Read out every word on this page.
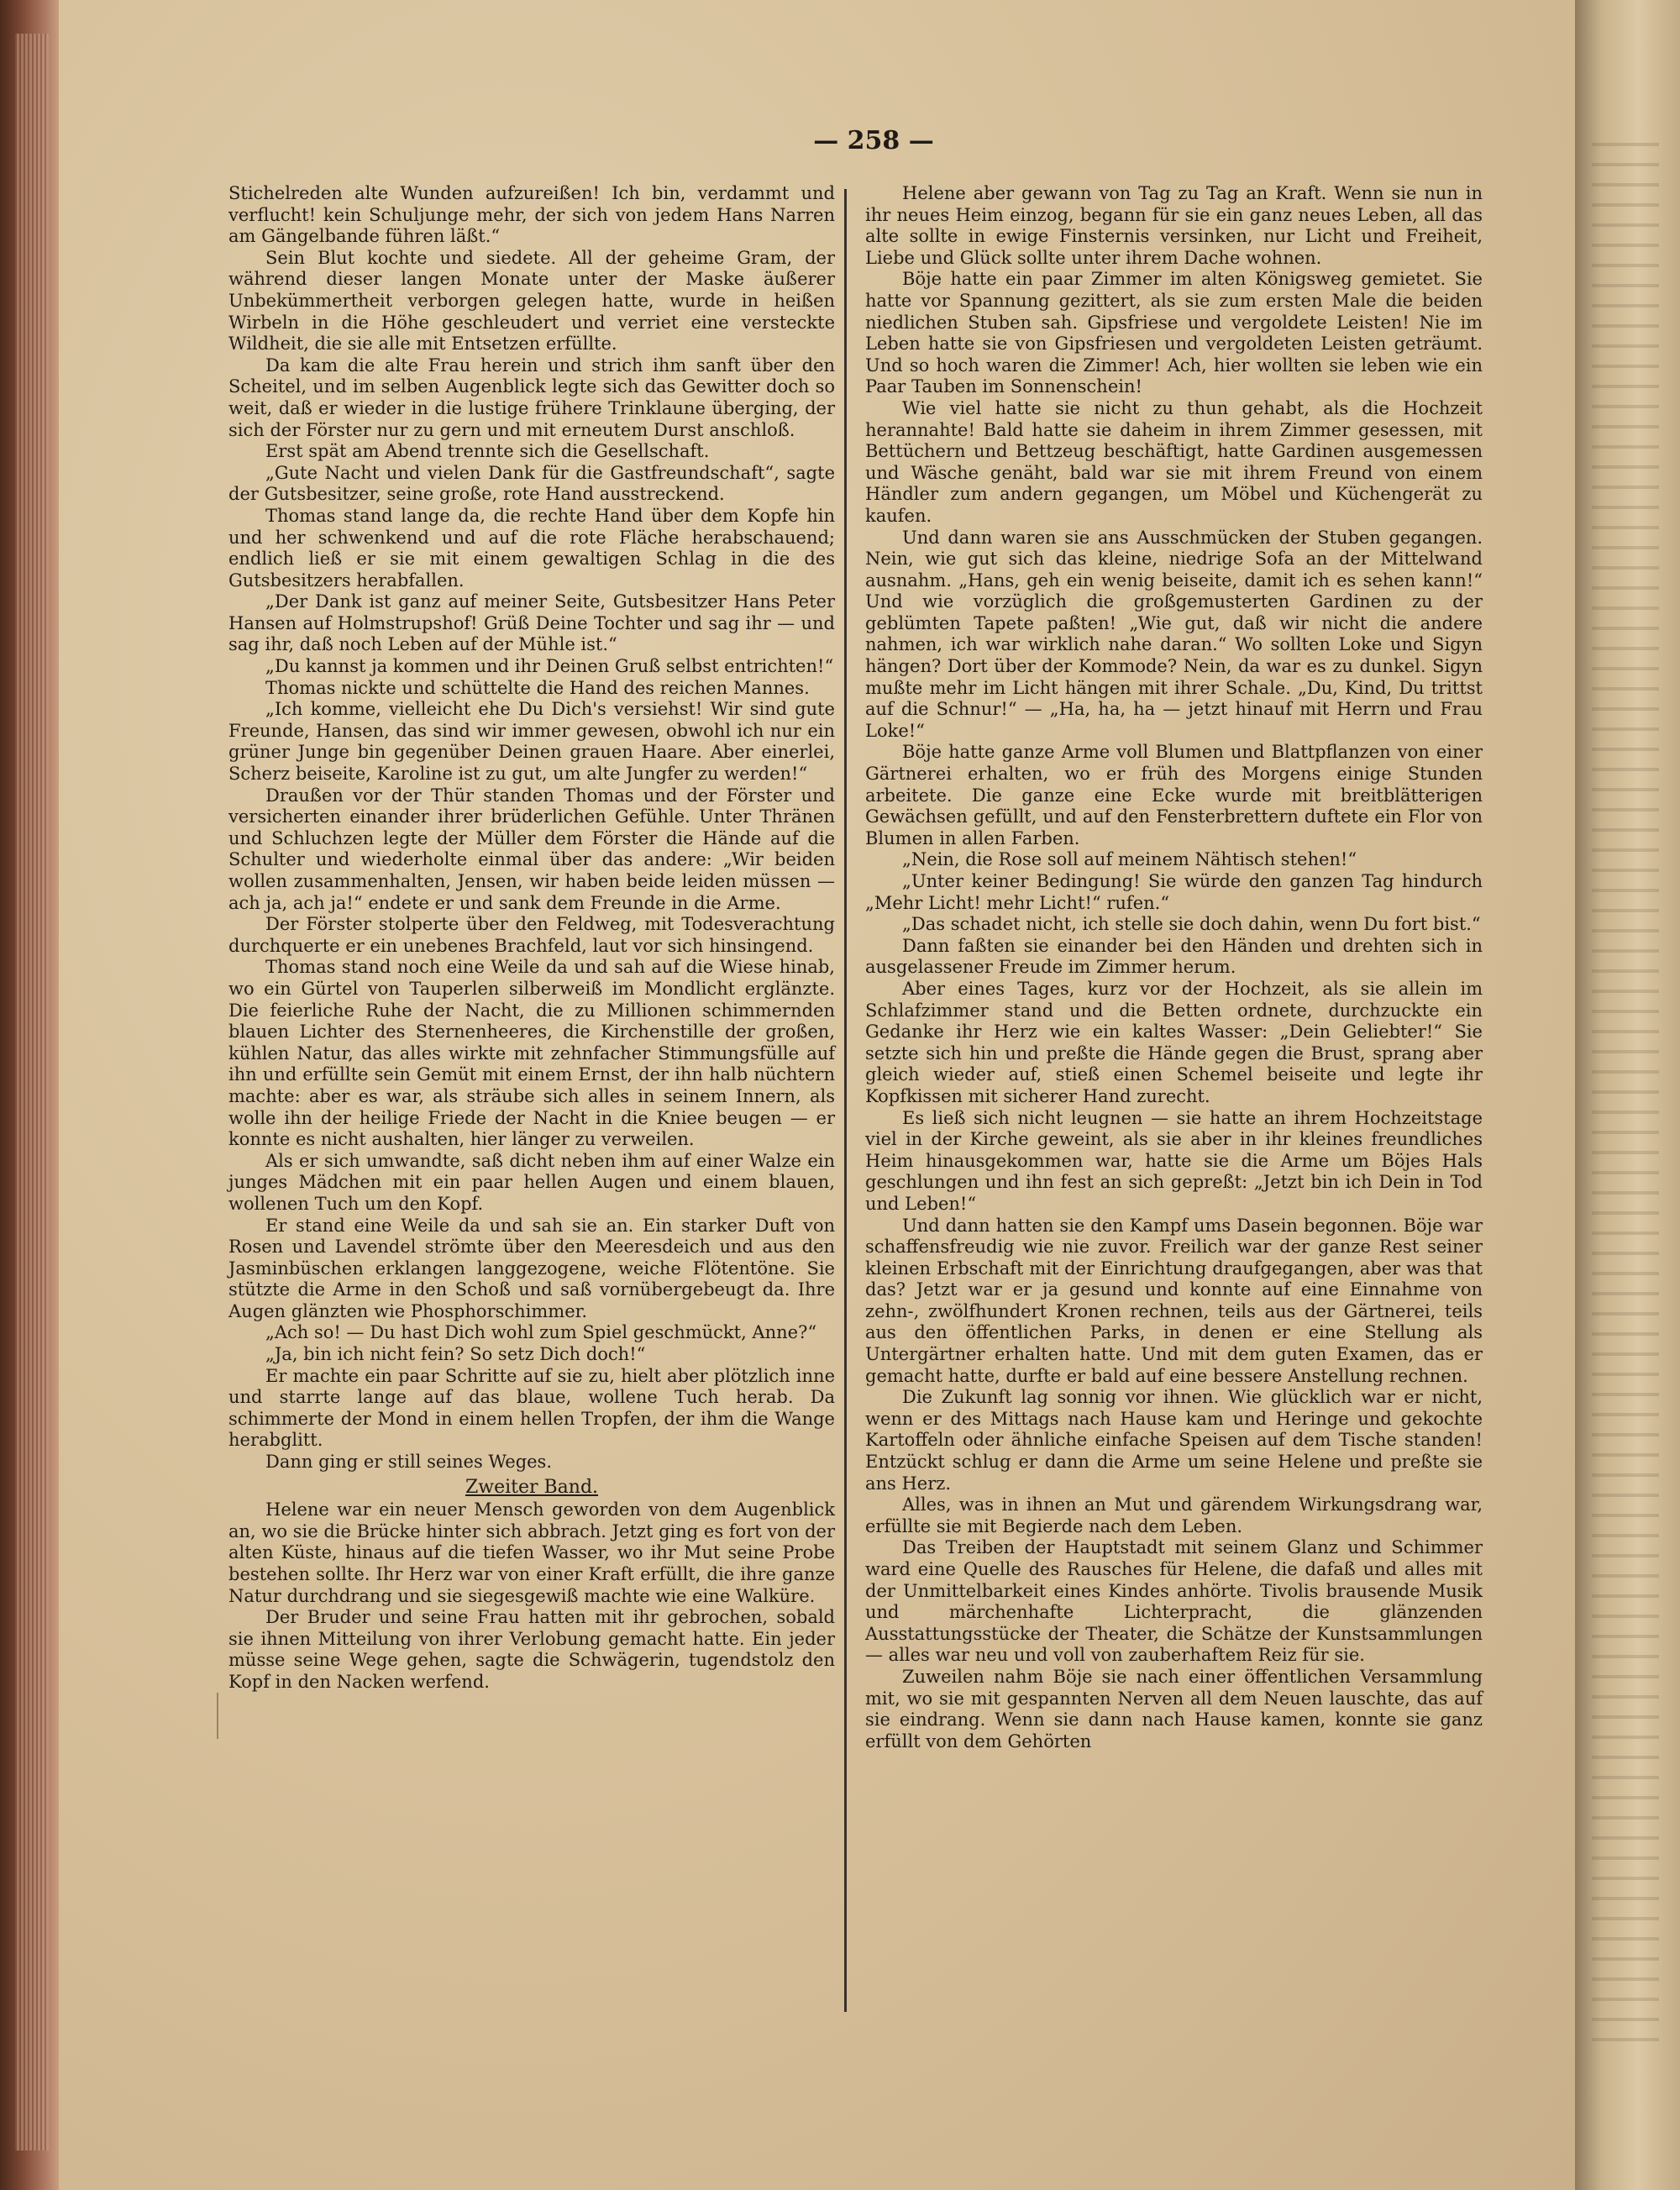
— 258 —

Stichelreden alte Wunden aufzureißen! Ich bin, verdammt und verflucht! kein Schuljunge mehr, der sich von jedem Hans Narren am Gängelbande führen läßt.“

Sein Blut kochte und siedete. All der geheime Gram, der während dieser langen Monate unter der Maske äußerer Unbekümmertheit verborgen gelegen hatte, wurde in heißen Wirbeln in die Höhe geschleudert und verriet eine versteckte Wildheit, die sie alle mit Entsetzen erfüllte.

Da kam die alte Frau herein und strich ihm sanft über den Scheitel, und im selben Augenblick legte sich das Gewitter doch so weit, daß er wieder in die lustige frühere Trinklaune überging, der sich der Förster nur zu gern und mit erneutem Durst anschloß.

Erst spät am Abend trennte sich die Gesellschaft.

„Gute Nacht und vielen Dank für die Gastfreundschaft“, sagte der Gutsbesitzer, seine große, rote Hand ausstreckend.

Thomas stand lange da, die rechte Hand über dem Kopfe hin und her schwenkend und auf die rote Fläche herabschauend; endlich ließ er sie mit einem gewaltigen Schlag in die des Gutsbesitzers herabfallen.

„Der Dank ist ganz auf meiner Seite, Gutsbesitzer Hans Peter Hansen auf Holmstrupshof! Grüß Deine Tochter und sag ihr — und sag ihr, daß noch Leben auf der Mühle ist.“

„Du kannst ja kommen und ihr Deinen Gruß selbst entrichten!“

Thomas nickte und schüttelte die Hand des reichen Mannes.

„Ich komme, vielleicht ehe Du Dich's versiehst! Wir sind gute Freunde, Hansen, das sind wir immer gewesen, obwohl ich nur ein grüner Junge bin gegenüber Deinen grauen Haare. Aber einerlei, Scherz beiseite, Karoline ist zu gut, um alte Jungfer zu werden!“

Draußen vor der Thür standen Thomas und der Förster und versicherten einander ihrer brüderlichen Gefühle. Unter Thränen und Schluchzen legte der Müller dem Förster die Hände auf die Schulter und wiederholte einmal über das andere: „Wir beiden wollen zusammenhalten, Jensen, wir haben beide leiden müssen — ach ja, ach ja!“ endete er und sank dem Freunde in die Arme.

Der Förster stolperte über den Feldweg, mit Todesverachtung durchquerte er ein unebenes Brachfeld, laut vor sich hinsingend.

Thomas stand noch eine Weile da und sah auf die Wiese hinab, wo ein Gürtel von Tauperlen silberweiß im Mondlicht erglänzte. Die feierliche Ruhe der Nacht, die zu Millionen schimmernden blauen Lichter des Sternenheeres, die Kirchenstille der großen, kühlen Natur, das alles wirkte mit zehnfacher Stimmungsfülle auf ihn und erfüllte sein Gemüt mit einem Ernst, der ihn halb nüchtern machte: aber es war, als sträube sich alles in seinem Innern, als wolle ihn der heilige Friede der Nacht in die Kniee beugen — er konnte es nicht aushalten, hier länger zu verweilen.

Als er sich umwandte, saß dicht neben ihm auf einer Walze ein junges Mädchen mit ein paar hellen Augen und einem blauen, wollenen Tuch um den Kopf.

Er stand eine Weile da und sah sie an. Ein starker Duft von Rosen und Lavendel strömte über den Meeresdeich und aus den Jasminbüschen erklangen langgezogene, weiche Flötentöne. Sie stützte die Arme in den Schoß und saß vornübergebeugt da. Ihre Augen glänzten wie Phosphorschimmer.

„Ach so! — Du hast Dich wohl zum Spiel geschmückt, Anne?“

„Ja, bin ich nicht fein? So setz Dich doch!“

Er machte ein paar Schritte auf sie zu, hielt aber plötzlich inne und starrte lange auf das blaue, wollene Tuch herab. Da schimmerte der Mond in einem hellen Tropfen, der ihm die Wange herabglitt.

Dann ging er still seines Weges.

Zweiter Band.

Helene war ein neuer Mensch geworden von dem Augenblick an, wo sie die Brücke hinter sich abbrach. Jetzt ging es fort von der alten Küste, hinaus auf die tiefen Wasser, wo ihr Mut seine Probe bestehen sollte. Ihr Herz war von einer Kraft erfüllt, die ihre ganze Natur durchdrang und sie siegesgewiß machte wie eine Walküre.

Der Bruder und seine Frau hatten mit ihr gebrochen, sobald sie ihnen Mitteilung von ihrer Verlobung gemacht hatte. Ein jeder müsse seine Wege gehen, sagte die Schwägerin, tugendstolz den Kopf in den Nacken werfend.

Helene aber gewann von Tag zu Tag an Kraft. Wenn sie nun in ihr neues Heim einzog, begann für sie ein ganz neues Leben, all das alte sollte in ewige Finsternis versinken, nur Licht und Freiheit, Liebe und Glück sollte unter ihrem Dache wohnen.

Böje hatte ein paar Zimmer im alten Königsweg gemietet. Sie hatte vor Spannung gezittert, als sie zum ersten Male die beiden niedlichen Stuben sah. Gipsfriese und vergoldete Leisten! Nie im Leben hatte sie von Gipsfriesen und vergoldeten Leisten geträumt. Und so hoch waren die Zimmer! Ach, hier wollten sie leben wie ein Paar Tauben im Sonnenschein!

Wie viel hatte sie nicht zu thun gehabt, als die Hochzeit herannahte! Bald hatte sie daheim in ihrem Zimmer gesessen, mit Bettüchern und Bettzeug beschäftigt, hatte Gardinen ausgemessen und Wäsche genäht, bald war sie mit ihrem Freund von einem Händler zum andern gegangen, um Möbel und Küchengerät zu kaufen.

Und dann waren sie ans Ausschmücken der Stuben gegangen. Nein, wie gut sich das kleine, niedrige Sofa an der Mittelwand ausnahm. „Hans, geh ein wenig beiseite, damit ich es sehen kann!“ Und wie vorzüglich die großgemusterten Gardinen zu der geblümten Tapete paßten! „Wie gut, daß wir nicht die andere nahmen, ich war wirklich nahe daran.“ Wo sollten Loke und Sigyn hängen? Dort über der Kommode? Nein, da war es zu dunkel. Sigyn mußte mehr im Licht hängen mit ihrer Schale. „Du, Kind, Du trittst auf die Schnur!“ — „Ha, ha, ha — jetzt hinauf mit Herrn und Frau Loke!“

Böje hatte ganze Arme voll Blumen und Blattpflanzen von einer Gärtnerei erhalten, wo er früh des Morgens einige Stunden arbeitete. Die ganze eine Ecke wurde mit breitblätterigen Gewächsen gefüllt, und auf den Fensterbrettern duftete ein Flor von Blumen in allen Farben.

„Nein, die Rose soll auf meinem Nähtisch stehen!“

„Unter keiner Bedingung! Sie würde den ganzen Tag hindurch „Mehr Licht! mehr Licht!“ rufen.“

„Das schadet nicht, ich stelle sie doch dahin, wenn Du fort bist.“

Dann faßten sie einander bei den Händen und drehten sich in ausgelassener Freude im Zimmer herum.

Aber eines Tages, kurz vor der Hochzeit, als sie allein im Schlafzimmer stand und die Betten ordnete, durchzuckte ein Gedanke ihr Herz wie ein kaltes Wasser: „Dein Geliebter!“ Sie setzte sich hin und preßte die Hände gegen die Brust, sprang aber gleich wieder auf, stieß einen Schemel beiseite und legte ihr Kopfkissen mit sicherer Hand zurecht.

Es ließ sich nicht leugnen — sie hatte an ihrem Hochzeitstage viel in der Kirche geweint, als sie aber in ihr kleines freundliches Heim hinausgekommen war, hatte sie die Arme um Böjes Hals geschlungen und ihn fest an sich gepreßt: „Jetzt bin ich Dein in Tod und Leben!“

Und dann hatten sie den Kampf ums Dasein begonnen. Böje war schaffensfreudig wie nie zuvor. Freilich war der ganze Rest seiner kleinen Erbschaft mit der Einrichtung draufgegangen, aber was that das? Jetzt war er ja gesund und konnte auf eine Einnahme von zehn-, zwölfhundert Kronen rechnen, teils aus der Gärtnerei, teils aus den öffentlichen Parks, in denen er eine Stellung als Untergärtner erhalten hatte. Und mit dem guten Examen, das er gemacht hatte, durfte er bald auf eine bessere Anstellung rechnen.

Die Zukunft lag sonnig vor ihnen. Wie glücklich war er nicht, wenn er des Mittags nach Hause kam und Heringe und gekochte Kartoffeln oder ähnliche einfache Speisen auf dem Tische standen! Entzückt schlug er dann die Arme um seine Helene und preßte sie ans Herz.

Alles, was in ihnen an Mut und gärendem Wirkungsdrang war, erfüllte sie mit Begierde nach dem Leben.

Das Treiben der Hauptstadt mit seinem Glanz und Schimmer ward eine Quelle des Rausches für Helene, die dafaß und alles mit der Unmittelbarkeit eines Kindes anhörte. Tivolis brausende Musik und märchenhafte Lichterpracht, die glänzenden Ausstattungsstücke der Theater, die Schätze der Kunstsammlungen — alles war neu und voll von zauberhaftem Reiz für sie.

Zuweilen nahm Böje sie nach einer öffentlichen Versammlung mit, wo sie mit gespannten Nerven all dem Neuen lauschte, das auf sie eindrang. Wenn sie dann nach Hause kamen, konnte sie ganz erfüllt von dem Gehörten
